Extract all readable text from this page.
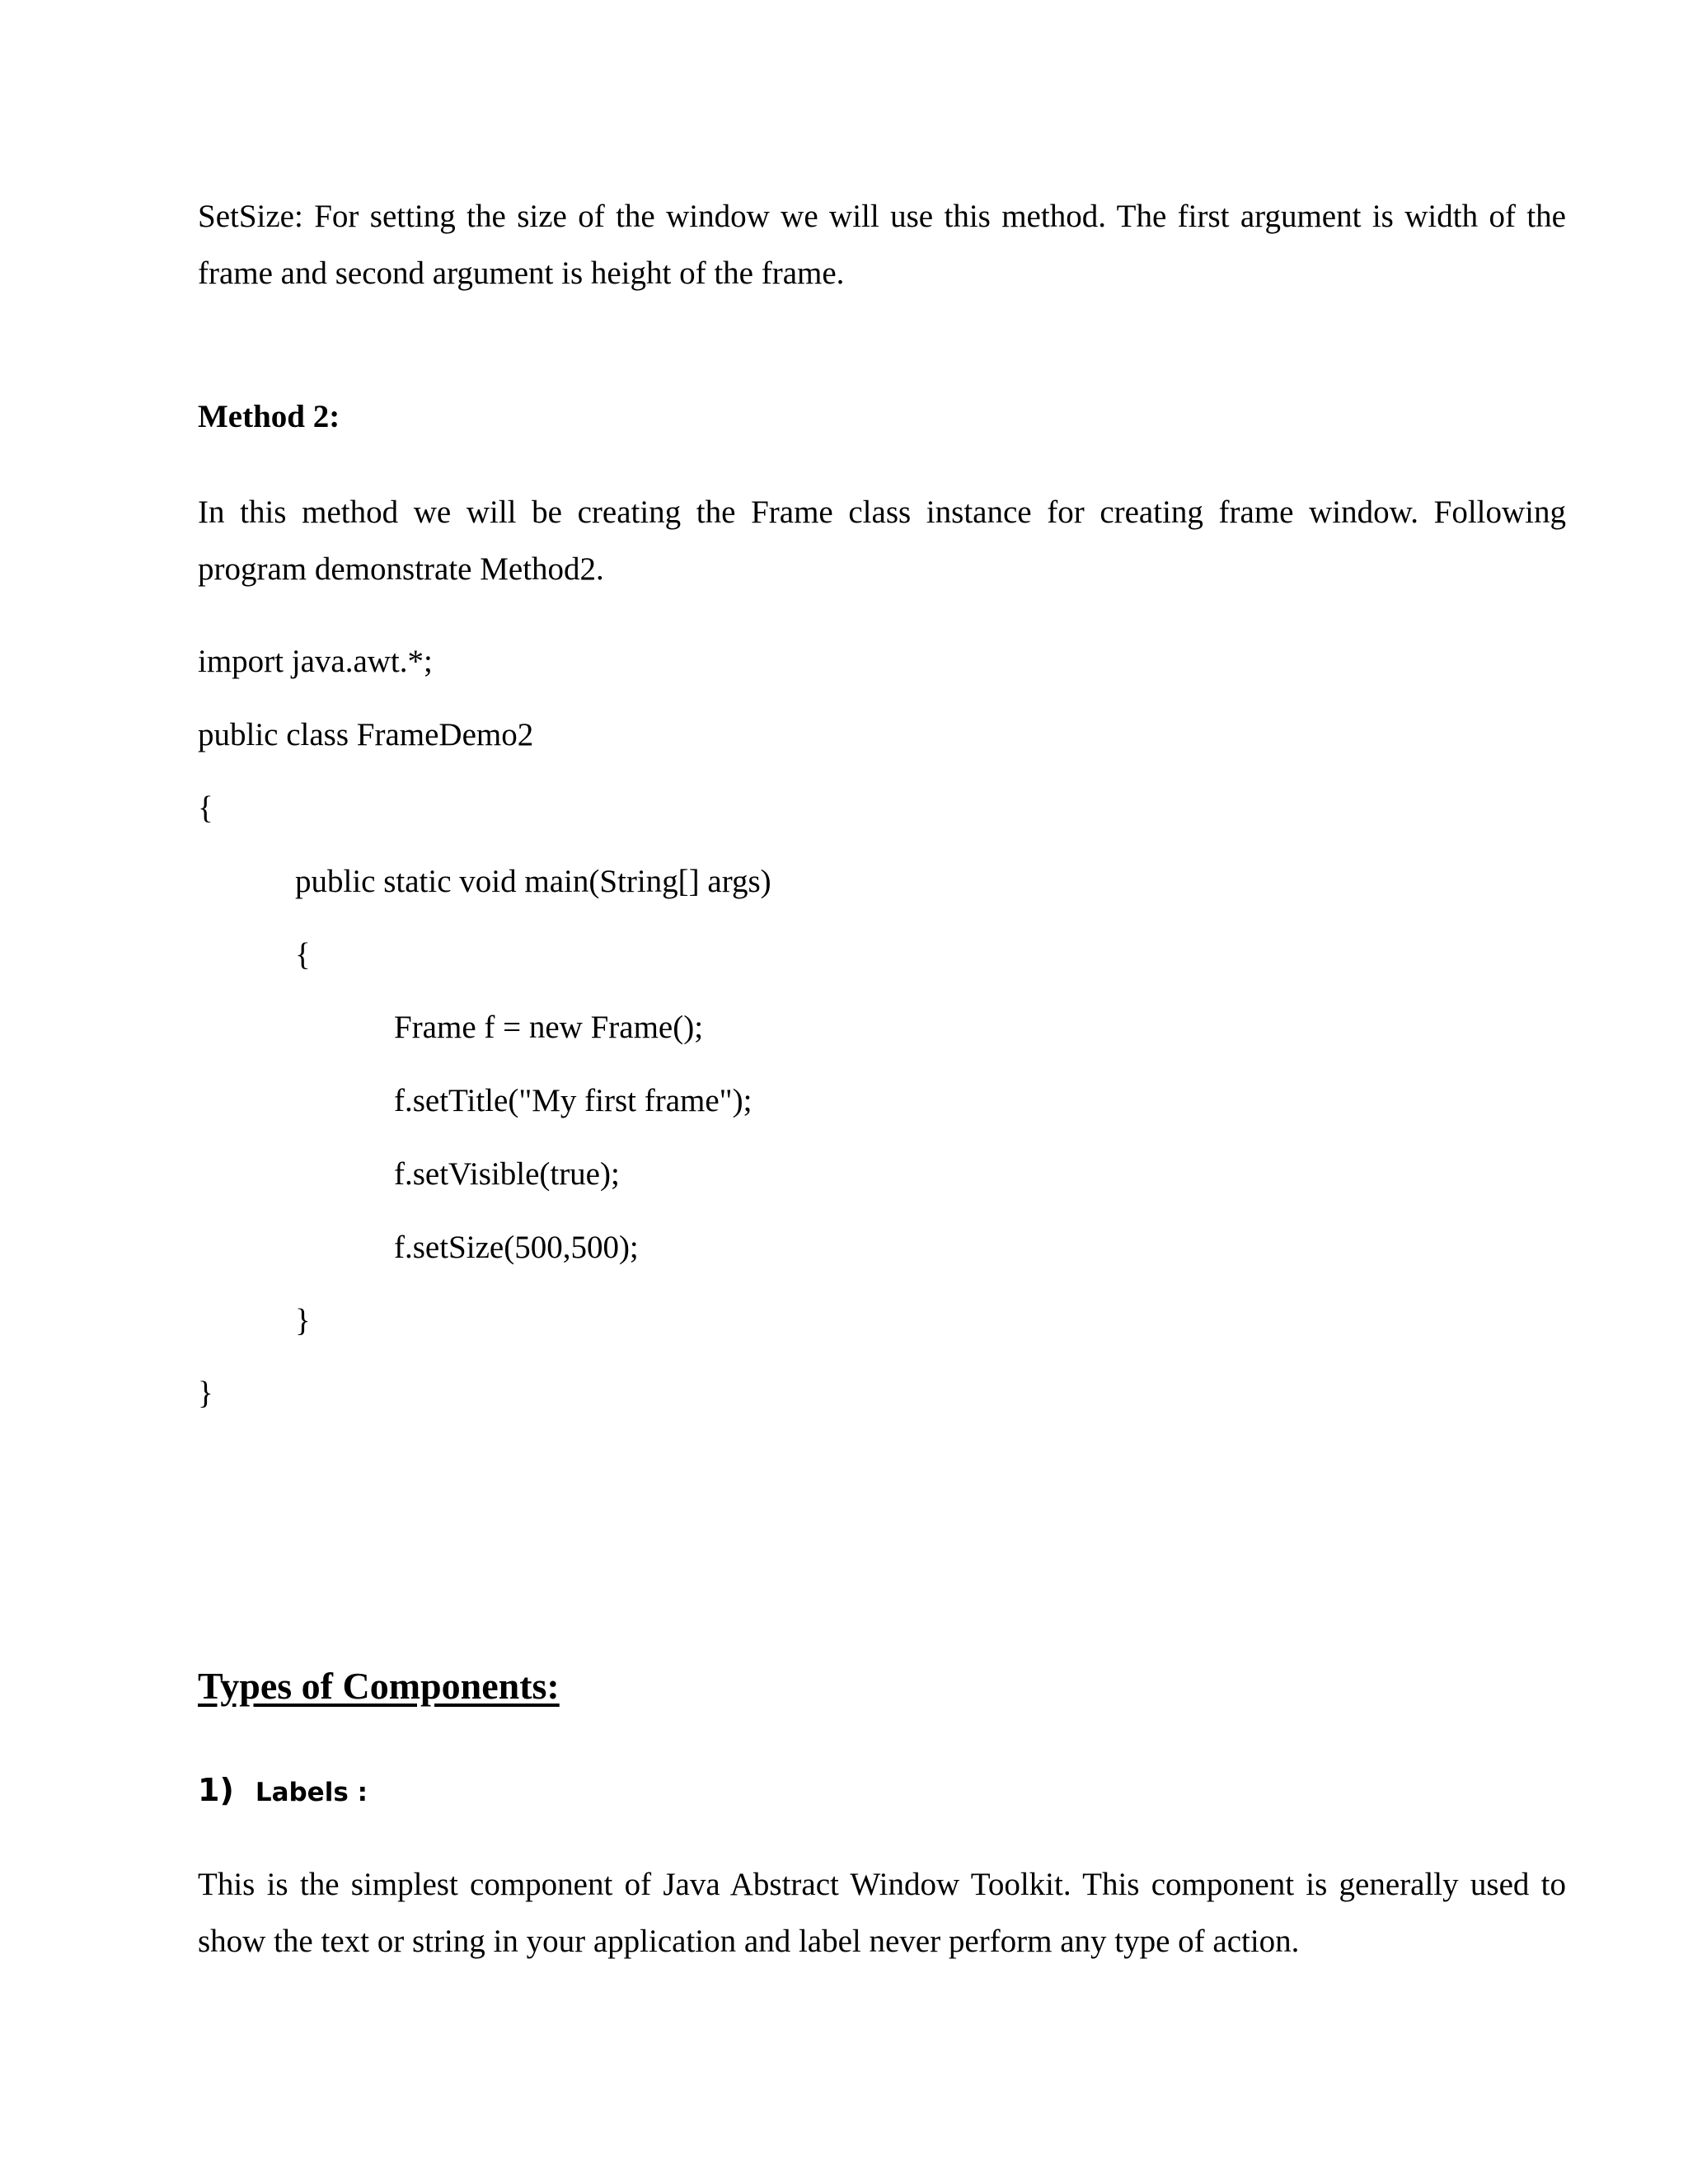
SetSize: For setting the size of the window we will use this method. The first argument is width of the frame and second argument is height of the frame.
Method 2:
In this method we will be creating the Frame class instance for creating frame window. Following program demonstrate Method2.
import java.awt.*;
public class FrameDemo2
{
public static void main(String[] args)
{
Frame f = new Frame();
f.setTitle("My first frame");
f.setVisible(true);
f.setSize(500,500);
}
}
Types of Components:
1) Labels :
This is the simplest component of Java Abstract Window Toolkit. This component is generally used to show the text or string in your application and label never perform any type of action.
